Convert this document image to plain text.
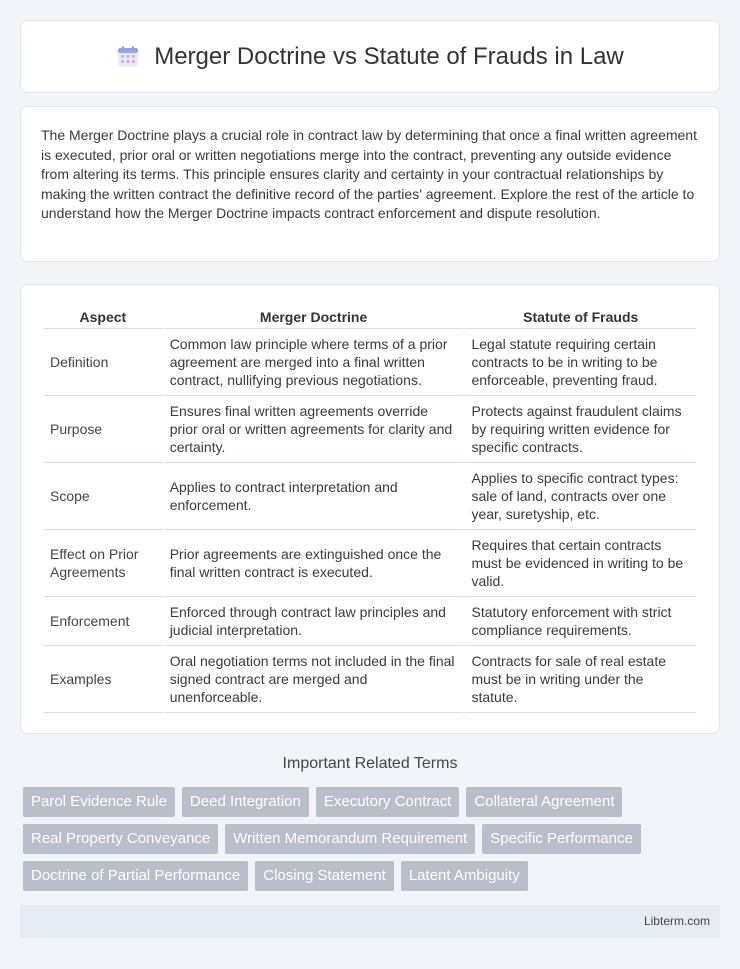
Merger Doctrine vs Statute of Frauds in Law

The Merger Doctrine plays a crucial role in contract law by determining that once a final written agreement is executed, prior oral or written negotiations merge into the contract, preventing any outside evidence from altering its terms. This principle ensures clarity and certainty in your contractual relationships by making the written contract the definitive record of the parties' agreement. Explore the rest of the article to understand how the Merger Doctrine impacts contract enforcement and dispute resolution.

Aspect	Merger Doctrine	Statute of Frauds
Definition	Common law principle where terms of a prior agreement are merged into a final written contract, nullifying previous negotiations.	Legal statute requiring certain contracts to be in writing to be enforceable, preventing fraud.
Purpose	Ensures final written agreements override prior oral or written agreements for clarity and certainty.	Protects against fraudulent claims by requiring written evidence for specific contracts.
Scope	Applies to contract interpretation and enforcement.	Applies to specific contract types: sale of land, contracts over one year, suretyship, etc.
Effect on Prior Agreements	Prior agreements are extinguished once the final written contract is executed.	Requires that certain contracts must be evidenced in writing to be valid.
Enforcement	Enforced through contract law principles and judicial interpretation.	Statutory enforcement with strict compliance requirements.
Examples	Oral negotiation terms not included in the final signed contract are merged and unenforceable.	Contracts for sale of real estate must be in writing under the statute.
Important Related Terms
Parol Evidence Rule	Deed Integration	Executory Contract	Collateral Agreement
Real Property Conveyance	Written Memorandum Requirement	Specific Performance
Doctrine of Partial Performance	Closing Statement	Latent Ambiguity
Libterm.com
